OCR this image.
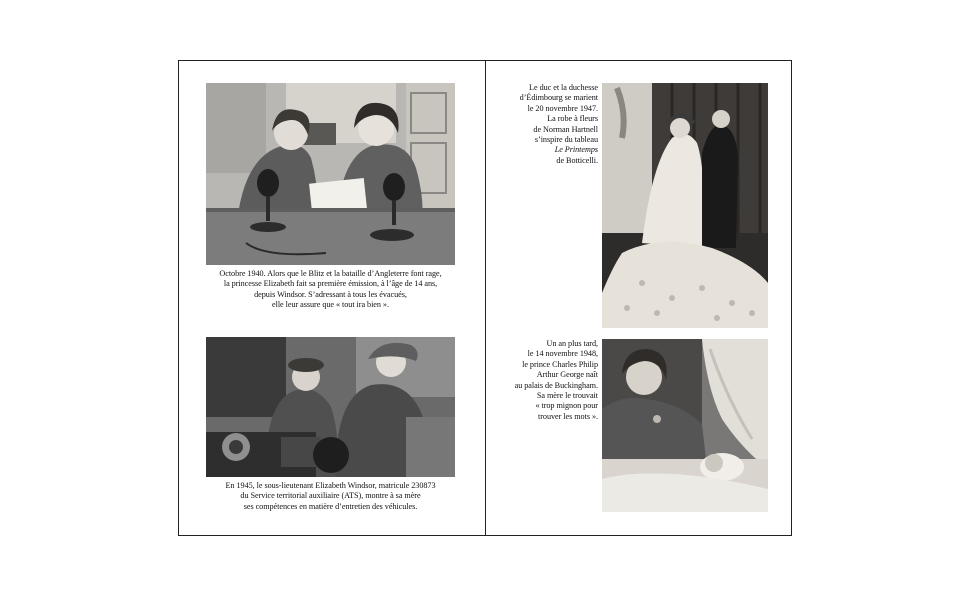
Octobre 1940. Alors que le Blitz et la bataille d’Angleterre font rage,
la princesse Elizabeth fait sa première émission, à l’âge de 14 ans,
depuis Windsor. S’adressant à tous les évacués,
elle leur assure que « tout ira bien ».
En 1945, le sous-lieutenant Elizabeth Windsor, matricule 230873
du Service territorial auxiliaire (ATS), montre à sa mère
ses compétences en matière d’entretien des véhicules.
Le duc et la duchesse
d’Édimbourg se marient
le 20 novembre 1947.
La robe à fleurs
de Norman Hartnell
s’inspire du tableau
Le Printemps
de Botticelli.
Un an plus tard,
le 14 novembre 1948,
le prince Charles Philip
Arthur George naît
au palais de Buckingham.
Sa mère le trouvait
« trop mignon pour
trouver les mots ».
